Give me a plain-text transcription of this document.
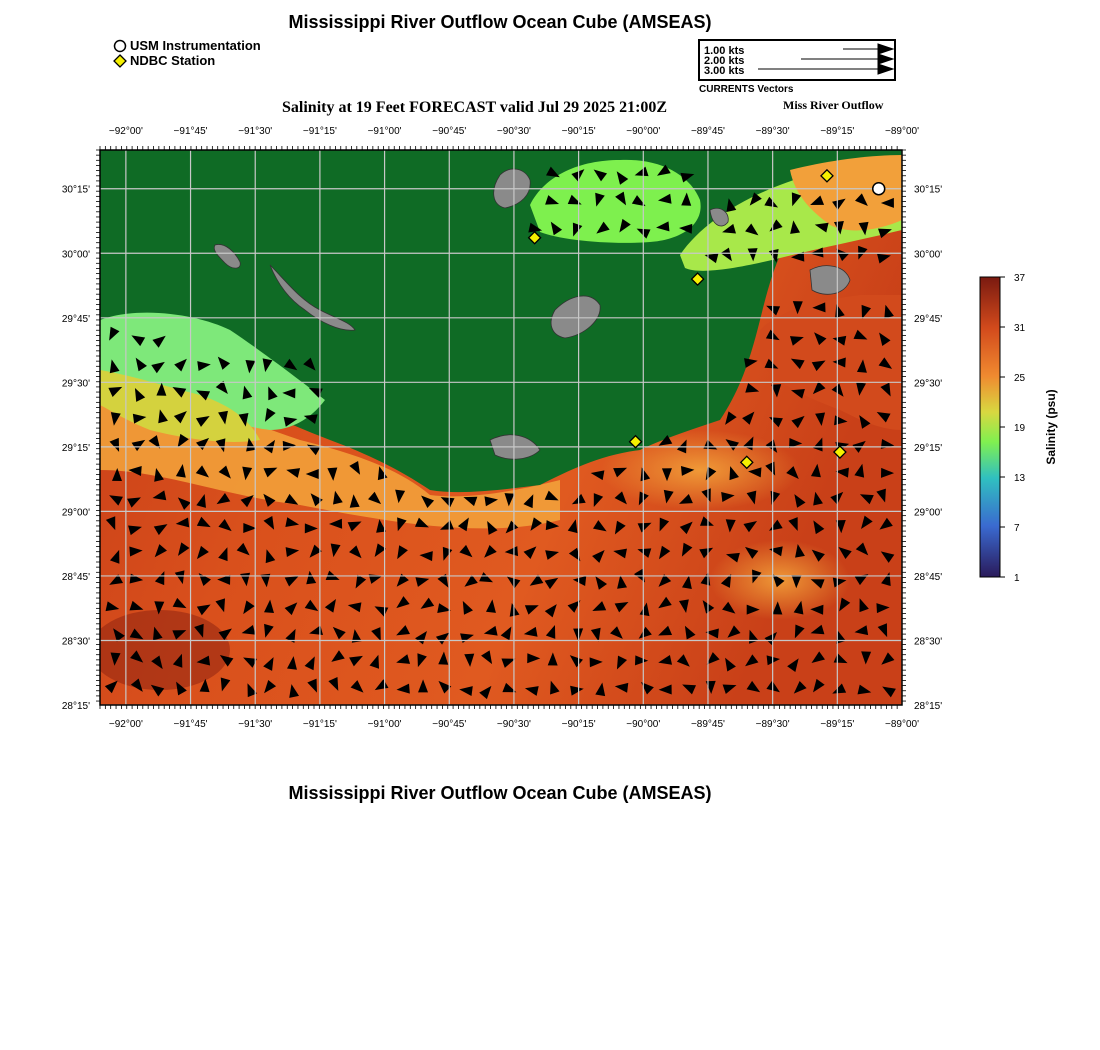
Mississippi River Outflow Ocean Cube (AMSEAS)
USM Instrumentation
NDBC Station
1.00 kts
2.00 kts
3.00 kts
CURRENTS Vectors
Salinity at 19 Feet FORECAST valid Jul 29 2025 21:00Z	Miss River Outflow
−92°00'	−91°45'	−91°30'	−91°15'	−91°00'	−90°45'	−90°30'	−90°15'	−90°00'	−89°45'	−89°30'	−89°15'	−89°00'
−92°00'	−91°45'	−91°30'	−91°15'	−91°00'	−90°45'	−90°30'	−90°15'	−90°00'	−89°45'	−89°30'	−89°15'	−89°00'
30°15'
30°00'
29°45'
29°30'
29°15'
29°00'
28°45'
28°30'
28°15'
30°15'
30°00'
29°45'
29°30'
29°15'
29°00'
28°45'
28°30'
28°15'
37
31
25
19
13
7
1
Salinity (psu)
Mississippi River Outflow Ocean Cube (AMSEAS)
